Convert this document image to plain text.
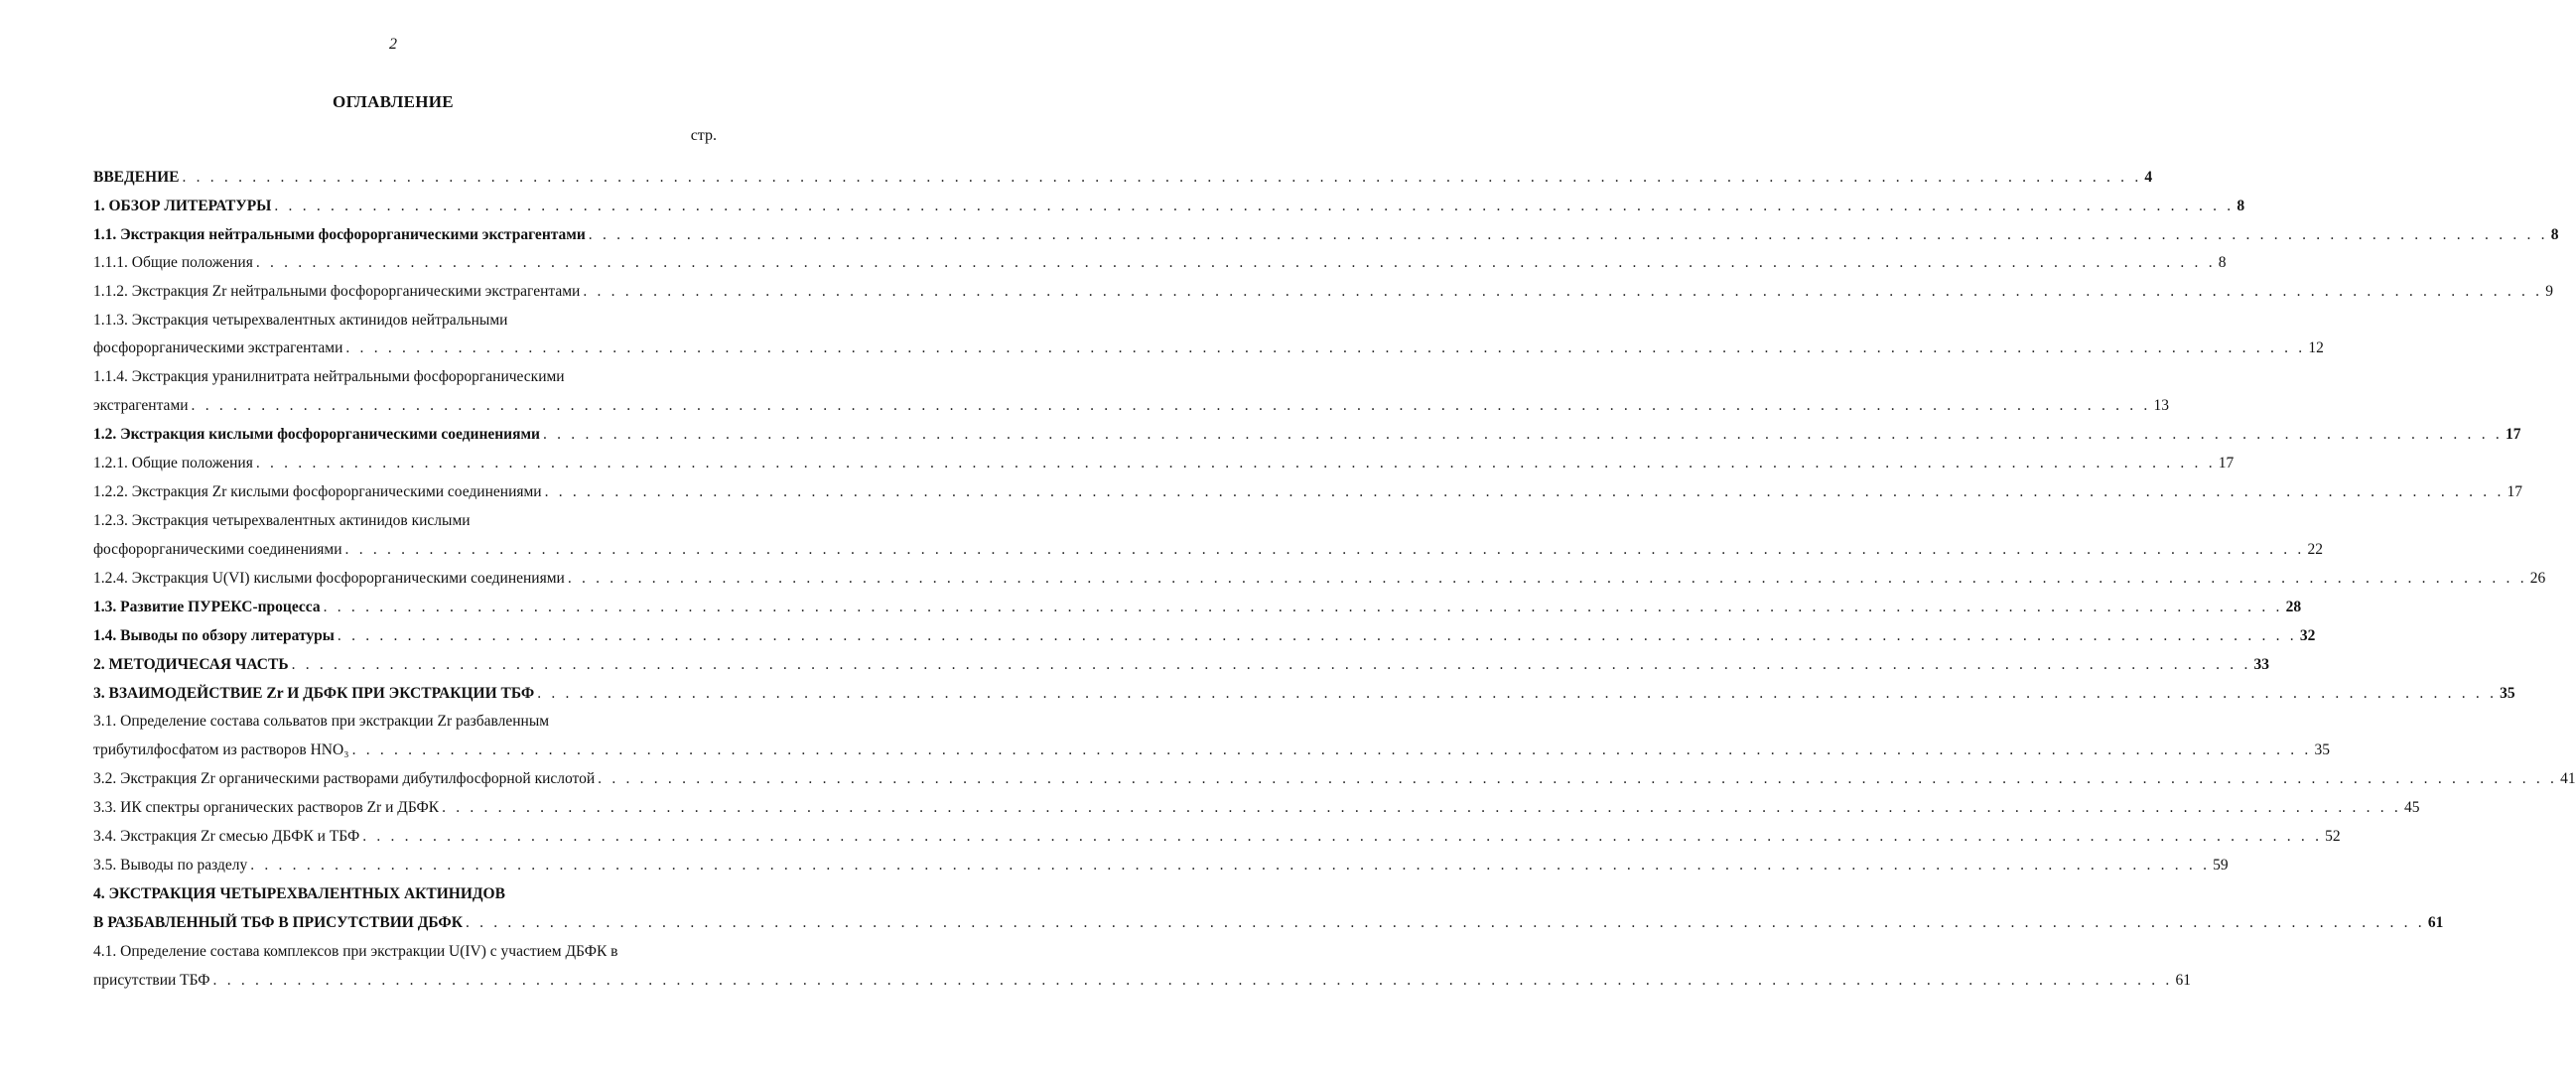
2
ОГЛАВЛЕНИЕ
стр.
ВВЕДЕНИЕ . . . . . . . . . . . . . . . . . . . . . . . . . . . . . . . . . . . . . . . . . . . . . . . . . . . . . . . . . . . . . . . . . . . . . . . . . . . . . . . . . . . . . . . . . . . . . . . . . . . . . . . . . . . . . . . . . . . . . . . . . . . . . . . . . . . . . . . . . . . . 4
1. ОБЗОР ЛИТЕРАТУРЫ . . . . . . . . . . . . . . . . . . . . . . . . . . . . . . . . . . . . . . . . . . . . . . . . . . . . . . . . . . . . . . . . . . . . . . . . . . . . . . . . . . . . . . . . . . . . . . . . . . . . . . . . . . . . . . . . . . . . . . . . . . . . . . . . . . . . . . . . . . . . 8
1.1. Экстракция нейтральными фосфорорганическими экстрагентами . . . . . . . . . . . . . . . . . . . . . . . . . . . . . . . . . . . . . . . . . . . . . . . . . . . . . . . . . . . . . . . . . . . . . . . . . . . . . . . . . . . . . . . . . . . . . . . . . . . . . . . . . . . . . . . . . . . . . . . . . . . . . . . . . . . . . . . . . . . . 8
1.1.1. Общие положения . . . . . . . . . . . . . . . . . . . . . . . . . . . . . . . . . . . . . . . . . . . . . . . . . . . . . . . . . . . . . . . . . . . . . . . . . . . . . . . . . . . . . . . . . . . . . . . . . . . . . . . . . . . . . . . . . . . . . . . . . . . . . . . . . . . . . . . . . . . . 8
1.1.2. Экстракция Zr нейтральными фосфорорганическими экстрагентами . . . . . . . . . . . . . . . . . . . . . . . . . . . . . . . . . . . . . . . . . . . . . . . . . . . . . . . . . . . . . . . . . . . . . . . . . . . . . . . . . . . . . . . . . . . . . . . . . . . . . . . . . . . . . . . . . . . . . . . . . . . . . . . . . . . . . . . . . . . . 9
1.1.3. Экстракция четырехвалентных актинидов нейтральными
фосфорорганическими экстрагентами . . . . . . . . . . . . . . . . . . . . . . . . . . . . . . . . . . . . . . . . . . . . . . . . . . . . . . . . . . . . . . . . . . . . . . . . . . . . . . . . . . . . . . . . . . . . . . . . . . . . . . . . . . . . . . . . . . . . . . . . . . . . . . . . . . . . . . . . . . . . 12
1.1.4. Экстракция уранилнитрата нейтральными фосфорорганическими
экстрагентами . . . . . . . . . . . . . . . . . . . . . . . . . . . . . . . . . . . . . . . . . . . . . . . . . . . . . . . . . . . . . . . . . . . . . . . . . . . . . . . . . . . . . . . . . . . . . . . . . . . . . . . . . . . . . . . . . . . . . . . . . . . . . . . . . . . . . . . . . . . . 13
1.2. Экстракция кислыми фосфорорганическими соединениями . . . . . . . . . . . . . . . . . . . . . . . . . . . . . . . . . . . . . . . . . . . . . . . . . . . . . . . . . . . . . . . . . . . . . . . . . . . . . . . . . . . . . . . . . . . . . . . . . . . . . . . . . . . . . . . . . . . . . . . . . . . . . . . . . . . . . . . . . . . . 17
1.2.1. Общие положения . . . . . . . . . . . . . . . . . . . . . . . . . . . . . . . . . . . . . . . . . . . . . . . . . . . . . . . . . . . . . . . . . . . . . . . . . . . . . . . . . . . . . . . . . . . . . . . . . . . . . . . . . . . . . . . . . . . . . . . . . . . . . . . . . . . . . . . . . . . . 17
1.2.2. Экстракция Zr кислыми фосфорорганическими соединениями . . . . . . . . . . . . . . . . . . . . . . . . . . . . . . . . . . . . . . . . . . . . . . . . . . . . . . . . . . . . . . . . . . . . . . . . . . . . . . . . . . . . . . . . . . . . . . . . . . . . . . . . . . . . . . . . . . . . . . . . . . . . . . . . . . . . . . . . . . . . 17
1.2.3. Экстракция четырехвалентных актинидов кислыми
фосфорорганическими соединениями . . . . . . . . . . . . . . . . . . . . . . . . . . . . . . . . . . . . . . . . . . . . . . . . . . . . . . . . . . . . . . . . . . . . . . . . . . . . . . . . . . . . . . . . . . . . . . . . . . . . . . . . . . . . . . . . . . . . . . . . . . . . . . . . . . . . . . . . . . . . 22
1.2.4. Экстракция U(VI) кислыми фосфорорганическими соединениями . . . . . . . . . . . . . . . . . . . . . . . . . . . . . . . . . . . . . . . . . . . . . . . . . . . . . . . . . . . . . . . . . . . . . . . . . . . . . . . . . . . . . . . . . . . . . . . . . . . . . . . . . . . . . . . . . . . . . . . . . . . . . . . . . . . . . . . . . . . . 26
1.3. Развитие ПУРЕКС-процесса . . . . . . . . . . . . . . . . . . . . . . . . . . . . . . . . . . . . . . . . . . . . . . . . . . . . . . . . . . . . . . . . . . . . . . . . . . . . . . . . . . . . . . . . . . . . . . . . . . . . . . . . . . . . . . . . . . . . . . . . . . . . . . . . . . . . . . . . . . . . 28
1.4. Выводы по обзору литературы . . . . . . . . . . . . . . . . . . . . . . . . . . . . . . . . . . . . . . . . . . . . . . . . . . . . . . . . . . . . . . . . . . . . . . . . . . . . . . . . . . . . . . . . . . . . . . . . . . . . . . . . . . . . . . . . . . . . . . . . . . . . . . . . . . . . . . . . . . . . 32
2. МЕТОДИЧЕСАЯ ЧАСТЬ . . . . . . . . . . . . . . . . . . . . . . . . . . . . . . . . . . . . . . . . . . . . . . . . . . . . . . . . . . . . . . . . . . . . . . . . . . . . . . . . . . . . . . . . . . . . . . . . . . . . . . . . . . . . . . . . . . . . . . . . . . . . . . . . . . . . . . . . . . . . 33
3. ВЗАИМОДЕЙСТВИЕ Zr И ДБФК ПРИ ЭКСТРАКЦИИ ТБФ . . . . . . . . . . . . . . . . . . . . . . . . . . . . . . . . . . . . . . . . . . . . . . . . . . . . . . . . . . . . . . . . . . . . . . . . . . . . . . . . . . . . . . . . . . . . . . . . . . . . . . . . . . . . . . . . . . . . . . . . . . . . . . . . . . . . . . . . . . . . 35
3.1. Определение состава сольватов при экстракции Zr разбавленным
трибутилфосфатом из растворов HNO₃ . . . . . . . . . . . . . . . . . . . . . . . . . . . . . . . . . . . . . . . . . . . . . . . . . . . . . . . . . . . . . . . . . . . . . . . . . . . . . . . . . . . . . . . . . . . . . . . . . . . . . . . . . . . . . . . . . . . . . . . . . . . . . . . . . . . . . . . . . . . . 35
3.2. Экстракция Zr органическими растворами дибутилфосфорной кислотой . . . . . . . . . . . . . . . . . . . . . . . . . . . . . . . . . . . . . . . . . . . . . . . . . . . . . . . . . . . . . . . . . . . . . . . . . . . . . . . . . . . . . . . . . . . . . . . . . . . . . . . . . . . . . . . . . . . . . . . . . . . . . . . . . . . . . . . . . . . . 41
3.3. ИК спектры органических растворов Zr и ДБФК . . . . . . . . . . . . . . . . . . . . . . . . . . . . . . . . . . . . . . . . . . . . . . . . . . . . . . . . . . . . . . . . . . . . . . . . . . . . . . . . . . . . . . . . . . . . . . . . . . . . . . . . . . . . . . . . . . . . . . . . . . . . . . . . . . . . . . . . . . . . 45
3.4. Экстракция Zr смесью ДБФК и ТБФ . . . . . . . . . . . . . . . . . . . . . . . . . . . . . . . . . . . . . . . . . . . . . . . . . . . . . . . . . . . . . . . . . . . . . . . . . . . . . . . . . . . . . . . . . . . . . . . . . . . . . . . . . . . . . . . . . . . . . . . . . . . . . . . . . . . . . . . . . . . . 52
3.5. Выводы по разделу . . . . . . . . . . . . . . . . . . . . . . . . . . . . . . . . . . . . . . . . . . . . . . . . . . . . . . . . . . . . . . . . . . . . . . . . . . . . . . . . . . . . . . . . . . . . . . . . . . . . . . . . . . . . . . . . . . . . . . . . . . . . . . . . . . . . . . . . . . . . 59
4. ЭКСТРАКЦИЯ ЧЕТЫРЕХВАЛЕНТНЫХ АКТИНИДОВ
В РАЗБАВЛЕННЫЙ ТБФ В ПРИСУТСТВИИ ДБФК . . . . . . . . . . . . . . . . . . . . . . . . . . . . . . . . . . . . . . . . . . . . . . . . . . . . . . . . . . . . . . . . . . . . . . . . . . . . . . . . . . . . . . . . . . . . . . . . . . . . . . . . . . . . . . . . . . . . . . . . . . . . . . . . . . . . . . . . . . . . 61
4.1. Определение состава комплексов при экстракции U(IV) с участием ДБФК в
присутствии ТБФ . . . . . . . . . . . . . . . . . . . . . . . . . . . . . . . . . . . . . . . . . . . . . . . . . . . . . . . . . . . . . . . . . . . . . . . . . . . . . . . . . . . . . . . . . . . . . . . . . . . . . . . . . . . . . . . . . . . . . . . . . . . . . . . . . . . . . . . . . . . . 61
